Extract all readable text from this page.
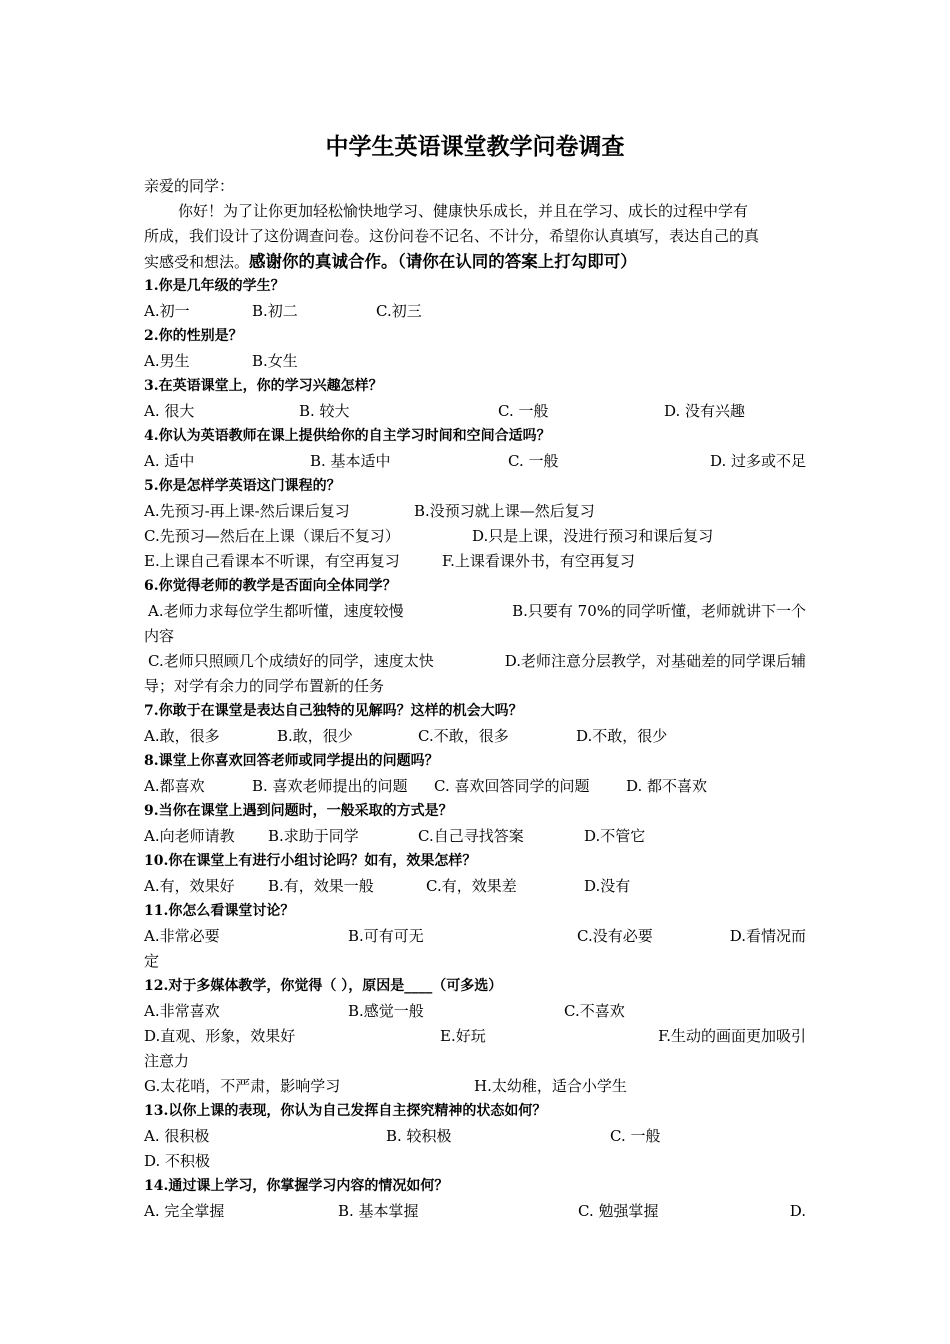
中学生英语课堂教学问卷调查
亲爱的同学：
你好！为了让你更加轻松愉快地学习、健康快乐成长，并且在学习、成长的过程中学有
所成，我们设计了这份调查问卷。这份问卷不记名、不计分，希望你认真填写，表达自己的真
实感受和想法。感谢你的真诚合作。（请你在认同的答案上打勾即可）
1.你是几年级的学生？
A.初一	B.初二	C.初三
2.你的性别是？
A.男生	B.女生
3.在英语课堂上，你的学习兴趣怎样？
A. 很大	B. 较大	C. 一般	D. 没有兴趣
4.你认为英语教师在课上提供给你的自主学习时间和空间合适吗？
A. 适中	B. 基本适中	C. 一般	D. 过多或不足
5.你是怎样学英语这门课程的？
A.先预习-再上课-然后课后复习	B.没预习就上课—然后复习
C.先预习—然后在上课（课后不复习）	D.只是上课，没进行预习和课后复习
E.上课自己看课本不听课，有空再复习	F.上课看课外书，有空再复习
6.你觉得老师的教学是否面向全体同学？
A.老师力求每位学生都听懂，速度较慢	B.只要有 70%的同学听懂，老师就讲下一个
内容
C.老师只照顾几个成绩好的同学，速度太快	D.老师注意分层教学，对基础差的同学课后辅
导；对学有余力的同学布置新的任务
7.你敢于在课堂是表达自己独特的见解吗？这样的机会大吗？
A.敢，很多	B.敢，很少	C.不敢，很多	D.不敢，很少
8.课堂上你喜欢回答老师或同学提出的问题吗？
A.都喜欢	B. 喜欢老师提出的问题 C. 喜欢回答同学的问题 D. 都不喜欢
9.当你在课堂上遇到问题时，一般采取的方式是？
A.向老师请教 B.求助于同学	C.自己寻找答案	D.不管它
10.你在课堂上有进行小组讨论吗？如有，效果怎样？
A.有，效果好 B.有，效果一般	C.有，效果差	D.没有
11.你怎么看课堂讨论？
A.非常必要	B.可有可无	C.没有必要	D.看情况而
定
12.对于多媒体教学，你觉得（ ），原因是____（可多选）
A.非常喜欢	B.感觉一般	C.不喜欢
D.直观、形象，效果好	E.好玩	F.生动的画面更加吸引
注意力
G.太花哨，不严肃，影响学习	H.太幼稚，适合小学生
13.以你上课的表现，你认为自己发挥自主探究精神的状态如何？
A. 很积极	B. 较积极	C. 一般
D. 不积极
14.通过课上学习，你掌握学习内容的情况如何？
A. 完全掌握	B. 基本掌握	C. 勉强掌握	D.
